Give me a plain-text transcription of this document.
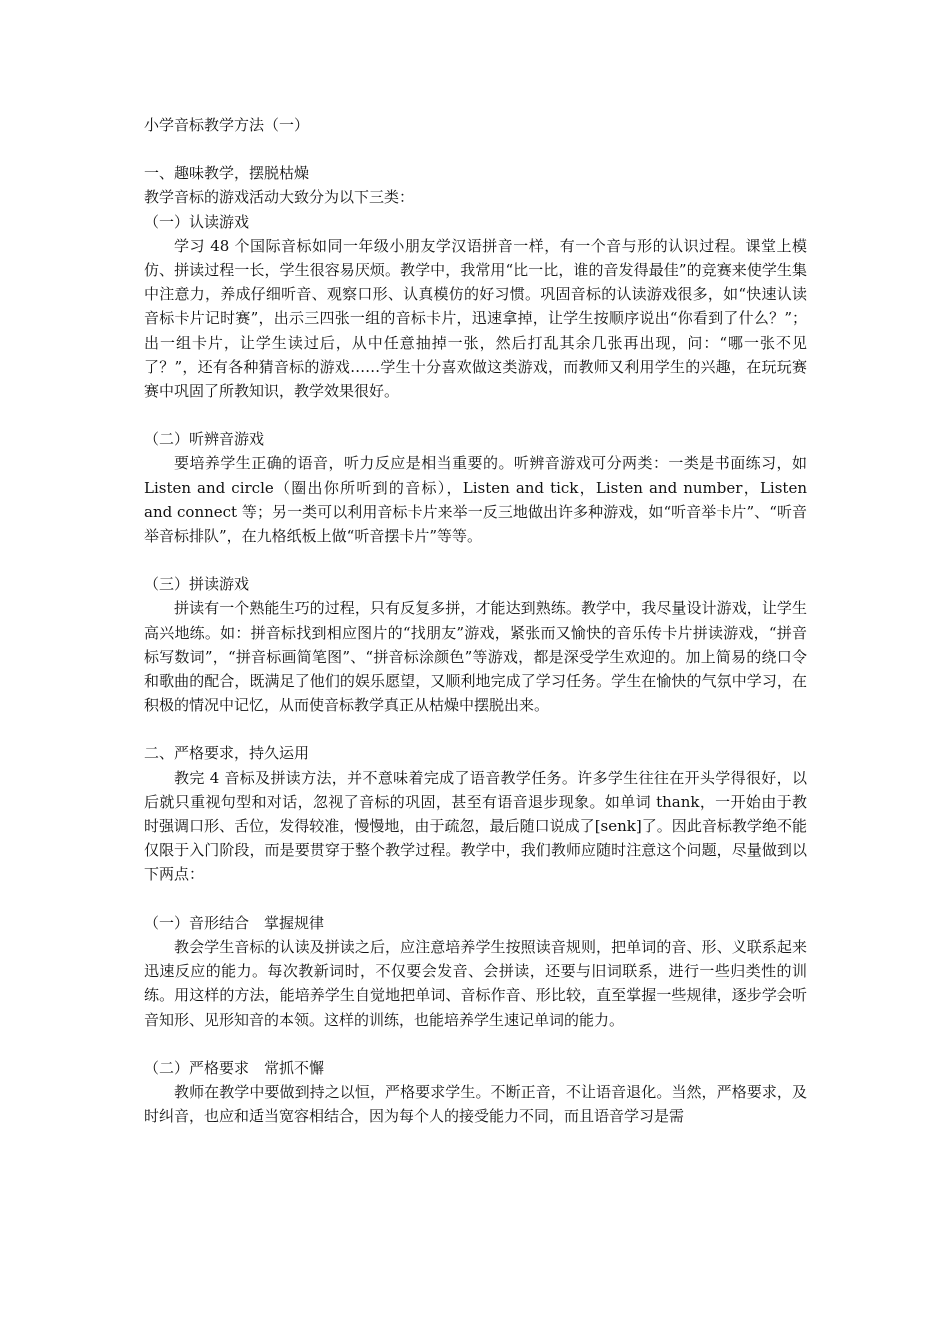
小学音标教学方法（一）

一、趣味教学，摆脱枯燥

教学音标的游戏活动大致分为以下三类：

（一）认读游戏

学习 48 个国际音标如同一年级小朋友学汉语拼音一样，有一个音与形的认识过程。课堂上模仿、拼读过程一长，学生很容易厌烦。教学中，我常用“比一比，谁的音发得最佳”的竞赛来使学生集中注意力，养成仔细听音、观察口形、认真模仿的好习惯。巩固音标的认读游戏很多，如“快速认读音标卡片记时赛”，出示三四张一组的音标卡片，迅速拿掉，让学生按顺序说出“你看到了什么？”；出一组卡片，让学生读过后，从中任意抽掉一张，然后打乱其余几张再出现，问：“哪一张不见了？”，还有各种猜音标的游戏……学生十分喜欢做这类游戏，而教师又利用学生的兴趣，在玩玩赛赛中巩固了所教知识，教学效果很好。

（二）听辨音游戏

要培养学生正确的语音，听力反应是相当重要的。听辨音游戏可分两类：一类是书面练习，如 Listen and circle（圈出你所听到的音标），Listen and tick，Listen and number，Listen and connect 等；另一类可以利用音标卡片来举一反三地做出许多种游戏，如“听音举卡片”、“听音举音标排队”，在九格纸板上做“听音摆卡片”等等。

（三）拼读游戏

拼读有一个熟能生巧的过程，只有反复多拼，才能达到熟练。教学中，我尽量设计游戏，让学生高兴地练。如：拼音标找到相应图片的“找朋友”游戏，紧张而又愉快的音乐传卡片拼读游戏，“拼音标写数词”，“拼音标画简笔图”、“拼音标涂颜色”等游戏，都是深受学生欢迎的。加上简易的绕口令和歌曲的配合，既满足了他们的娱乐愿望，又顺利地完成了学习任务。学生在愉快的气氛中学习，在积极的情况中记忆，从而使音标教学真正从枯燥中摆脱出来。

二、严格要求，持久运用

教完 4 音标及拼读方法，并不意味着完成了语音教学任务。许多学生往往在开头学得很好，以后就只重视句型和对话，忽视了音标的巩固，甚至有语音退步现象。如单词 thank，一开始由于教时强调口形、舌位，发得较准，慢慢地，由于疏忽，最后随口说成了[senk]了。因此音标教学绝不能仅限于入门阶段，而是要贯穿于整个教学过程。教学中，我们教师应随时注意这个问题，尽量做到以下两点：

（一）音形结合　掌握规律

教会学生音标的认读及拼读之后，应注意培养学生按照读音规则，把单词的音、形、义联系起来迅速反应的能力。每次教新词时，不仅要会发音、会拼读，还要与旧词联系，进行一些归类性的训练。用这样的方法，能培养学生自觉地把单词、音标作音、形比较，直至掌握一些规律，逐步学会听音知形、见形知音的本领。这样的训练，也能培养学生速记单词的能力。

（二）严格要求　常抓不懈

教师在教学中要做到持之以恒，严格要求学生。不断正音，不让语音退化。当然，严格要求，及时纠音，也应和适当宽容相结合，因为每个人的接受能力不同，而且语音学习是需
